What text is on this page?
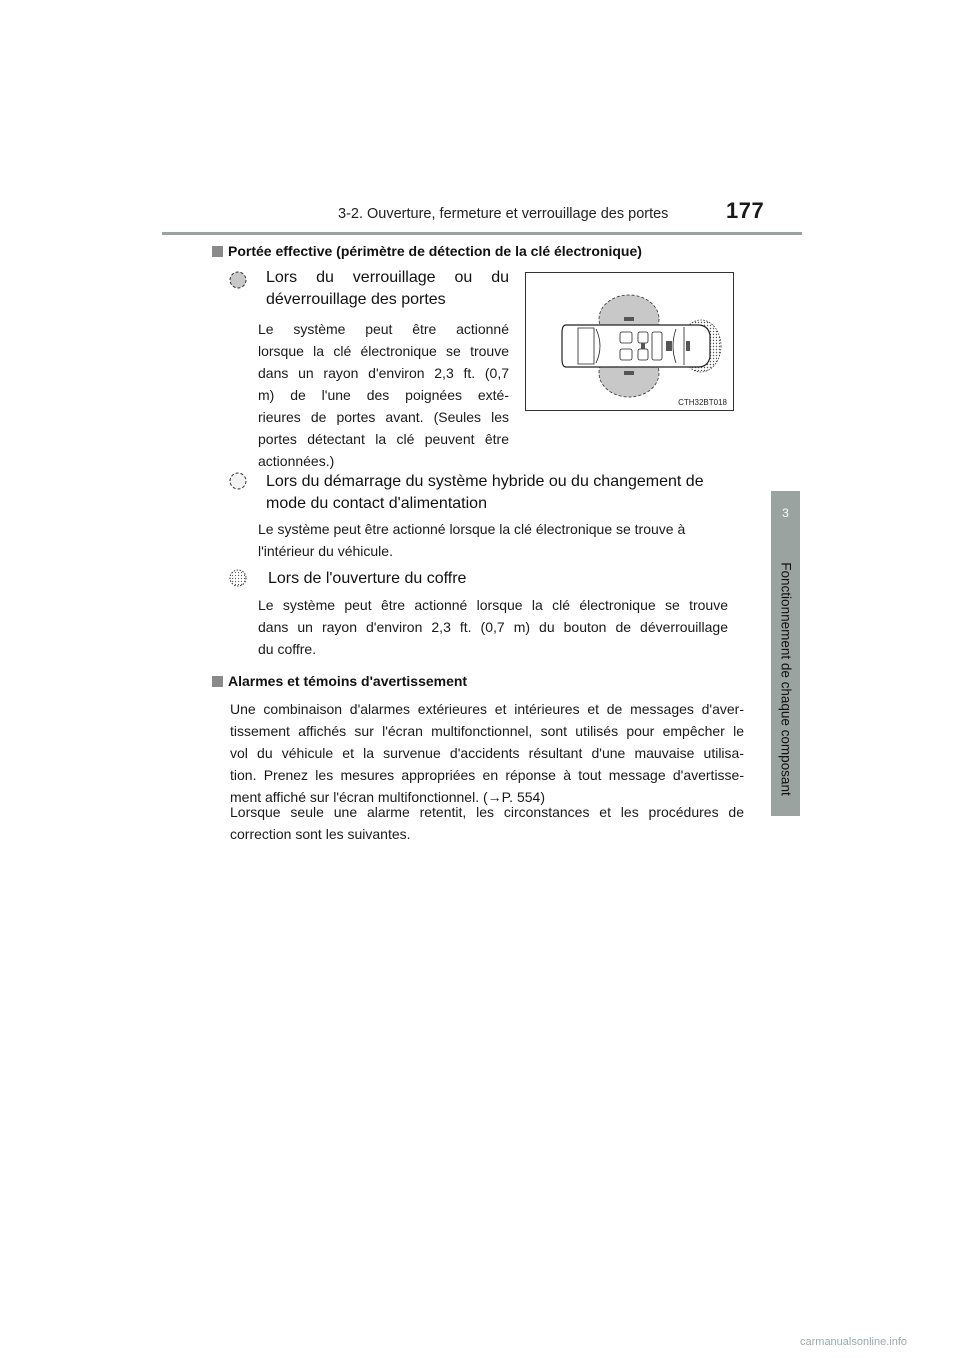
3-2. Ouverture, fermeture et verrouillage des portes	177
3
Fonctionnement de chaque composant
Portée effective (périmètre de détection de la clé électronique)
Lors du verrouillage ou du
déverrouillage des portes
Le système peut être actionné
lorsque la clé électronique se trouve
dans un rayon d'environ 2,3 ft. (0,7
m) de l'une des poignées exté-
rieures de portes avant. (Seules les
portes détectant la clé peuvent être
actionnées.)
CTH32BT018
Lors du démarrage du système hybride ou du changement de
mode du contact d'alimentation
Le système peut être actionné lorsque la clé électronique se trouve à
l'intérieur du véhicule.
Lors de l'ouverture du coffre
Le système peut être actionné lorsque la clé électronique se trouve
dans un rayon d'environ 2,3 ft. (0,7 m) du bouton de déverrouillage
du coffre.
Alarmes et témoins d'avertissement
Une combinaison d'alarmes extérieures et intérieures et de messages d'aver-
tissement affichés sur l'écran multifonctionnel, sont utilisés pour empêcher le
vol du véhicule et la survenue d'accidents résultant d'une mauvaise utilisa-
tion. Prenez les mesures appropriées en réponse à tout message d'avertisse-
ment affiché sur l'écran multifonctionnel. (→P. 554)
Lorsque seule une alarme retentit, les circonstances et les procédures de
correction sont les suivantes.
carmanualsonline.info
